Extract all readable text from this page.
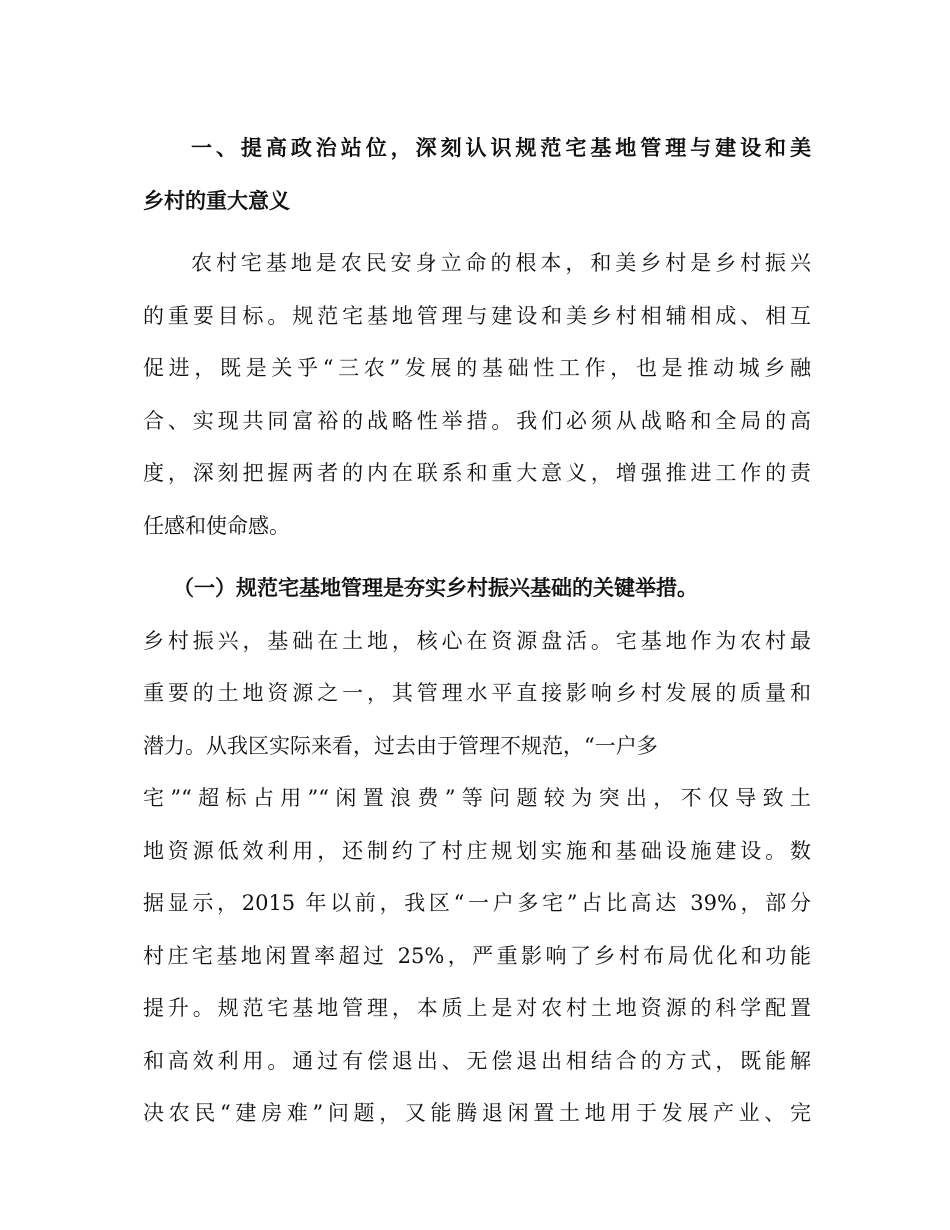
一、提高政治站位，深刻认识规范宅基地管理与建设和美
乡村的重大意义
农村宅基地是农民安身立命的根本，和美乡村是乡村振兴
的重要目标。规范宅基地管理与建设和美乡村相辅相成、相互
促进，既是关乎“三农”发展的基础性工作，也是推动城乡融
合、实现共同富裕的战略性举措。我们必须从战略和全局的高
度，深刻把握两者的内在联系和重大意义，增强推进工作的责
任感和使命感。
（一）规范宅基地管理是夯实乡村振兴基础的关键举措。
乡村振兴，基础在土地，核心在资源盘活。宅基地作为农村最
重要的土地资源之一，其管理水平直接影响乡村发展的质量和
潜力。从我区实际来看，过去由于管理不规范，“一户多
宅”“超标占用”“闲置浪费”等问题较为突出，不仅导致土
地资源低效利用，还制约了村庄规划实施和基础设施建设。数
据显示，2015 年以前，我区“一户多宅”占比高达 39%，部分
村庄宅基地闲置率超过 25%，严重影响了乡村布局优化和功能
提升。规范宅基地管理，本质上是对农村土地资源的科学配置
和高效利用。通过有偿退出、无偿退出相结合的方式，既能解
决农民“建房难”问题，又能腾退闲置土地用于发展产业、完
